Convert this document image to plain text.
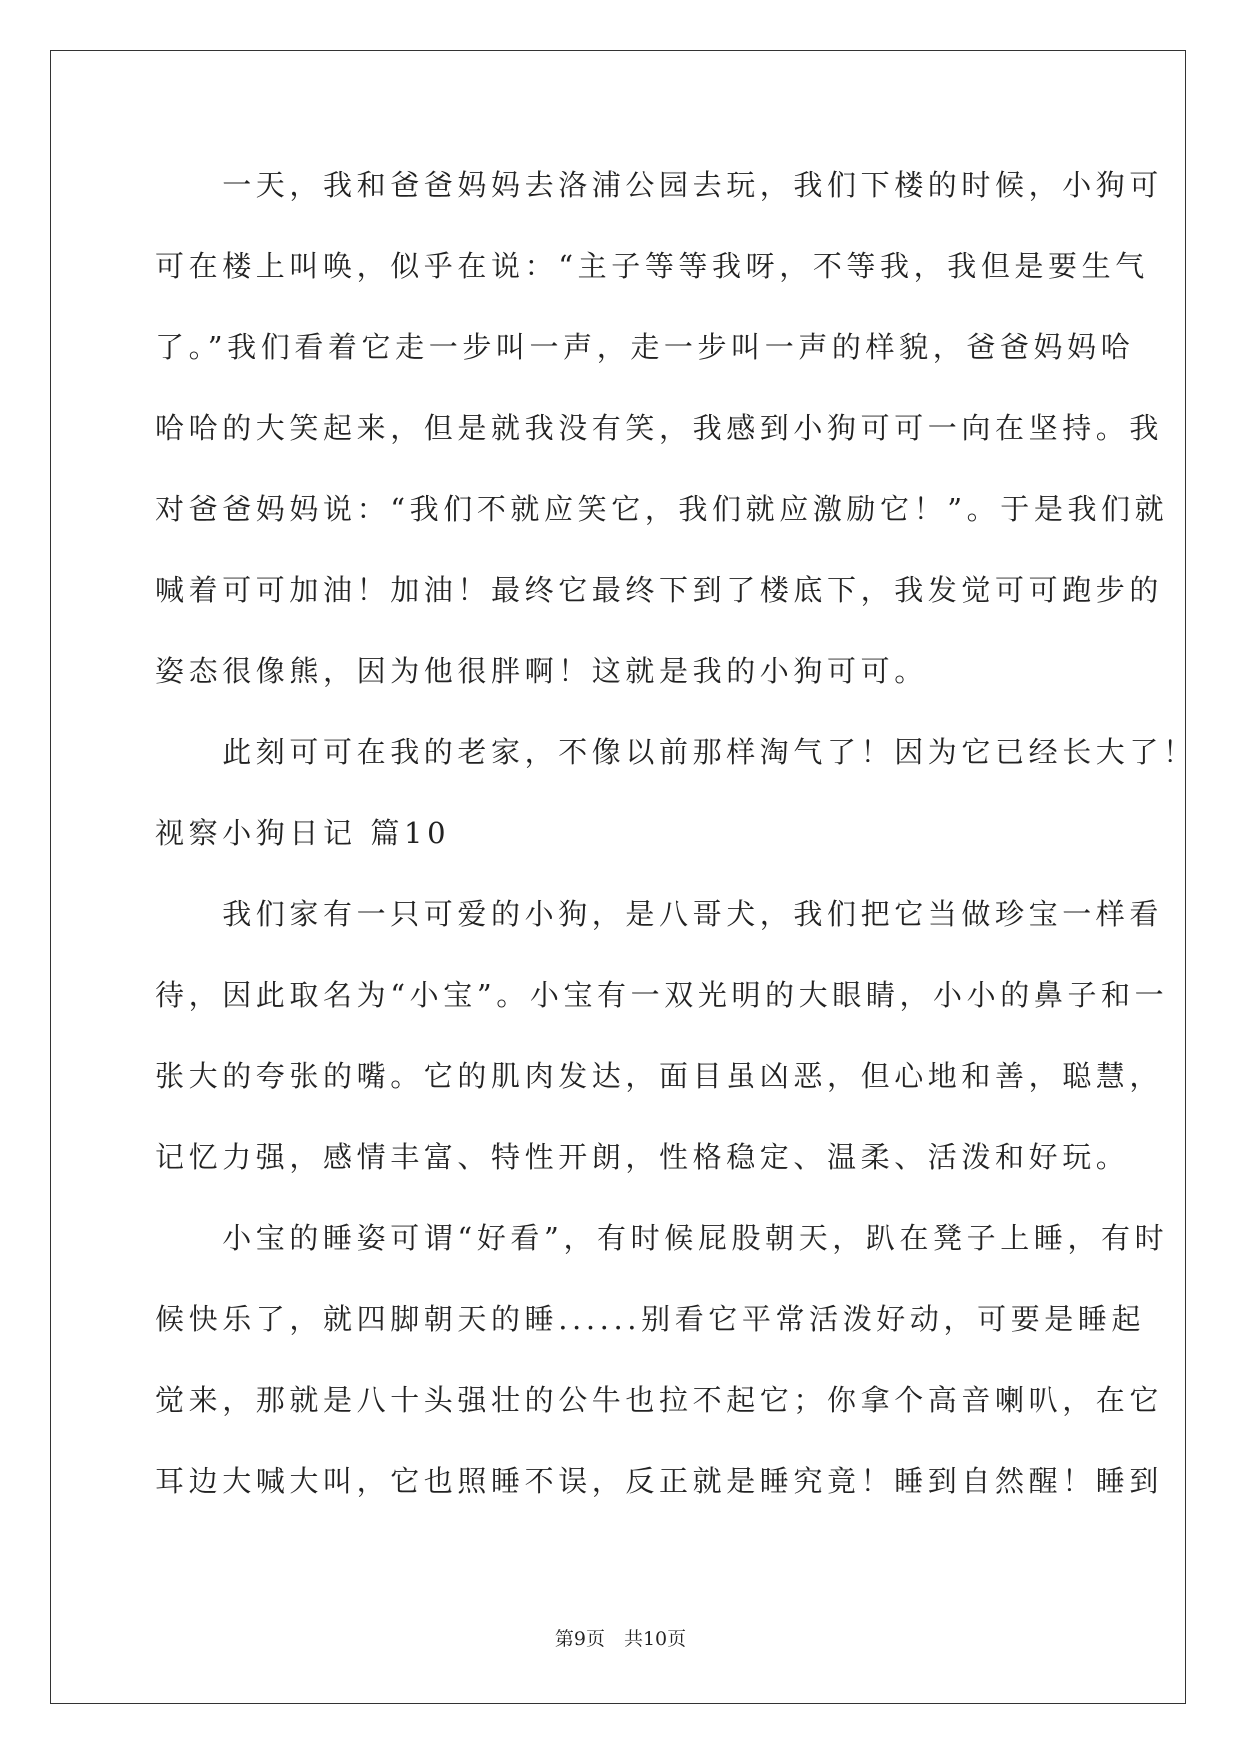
　　一天，我和爸爸妈妈去洛浦公园去玩，我们下楼的时候，小狗可
可在楼上叫唤，似乎在说：“主子等等我呀，不等我，我但是要生气
了。”我们看着它走一步叫一声，走一步叫一声的样貌，爸爸妈妈哈
哈哈的大笑起来，但是就我没有笑，我感到小狗可可一向在坚持。我
对爸爸妈妈说：“我们不就应笑它，我们就应激励它！”。于是我们就
喊着可可加油！加油！最终它最终下到了楼底下，我发觉可可跑步的
姿态很像熊，因为他很胖啊！这就是我的小狗可可。
　　此刻可可在我的老家，不像以前那样淘气了！因为它已经长大了！
视察小狗日记 篇10
　　我们家有一只可爱的小狗，是八哥犬，我们把它当做珍宝一样看
待，因此取名为“小宝”。小宝有一双光明的大眼睛，小小的鼻子和一
张大的夸张的嘴。它的肌肉发达，面目虽凶恶，但心地和善，聪慧，
记忆力强，感情丰富、特性开朗，性格稳定、温柔、活泼和好玩。
　　小宝的睡姿可谓“好看”，有时候屁股朝天，趴在凳子上睡，有时
候快乐了，就四脚朝天的睡......别看它平常活泼好动，可要是睡起
觉来，那就是八十头强壮的公牛也拉不起它；你拿个高音喇叭，在它
耳边大喊大叫，它也照睡不误，反正就是睡究竟！睡到自然醒！睡到
第9页　共10页
